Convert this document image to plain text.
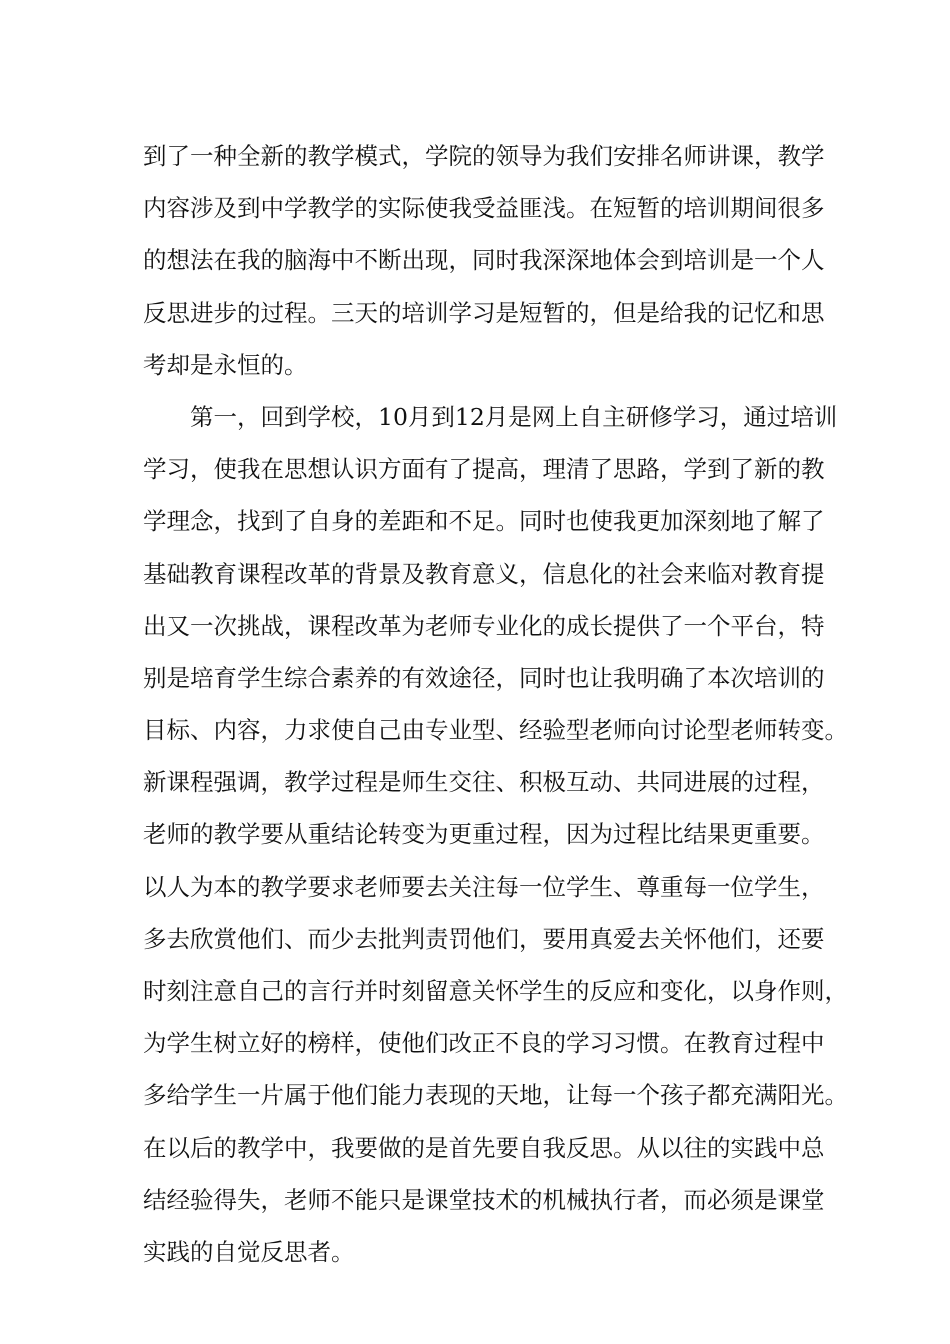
到了一种全新的教学模式，学院的领导为我们安排名师讲课，教学
内容涉及到中学教学的实际使我受益匪浅。在短暂的培训期间很多
的想法在我的脑海中不断出现，同时我深深地体会到培训是一个人
反思进步的过程。三天的培训学习是短暂的，但是给我的记忆和思
考却是永恒的。
第一，回到学校，10月到12月是网上自主研修学习，通过培训
学习，使我在思想认识方面有了提高，理清了思路，学到了新的教
学理念，找到了自身的差距和不足。同时也使我更加深刻地了解了
基础教育课程改革的背景及教育意义，信息化的社会来临对教育提
出又一次挑战，课程改革为老师专业化的成长提供了一个平台，特
别是培育学生综合素养的有效途径，同时也让我明确了本次培训的
目标、内容，力求使自己由专业型、经验型老师向讨论型老师转变。
新课程强调，教学过程是师生交往、积极互动、共同进展的过程，
老师的教学要从重结论转变为更重过程，因为过程比结果更重要。
以人为本的教学要求老师要去关注每一位学生、尊重每一位学生，
多去欣赏他们、而少去批判责罚他们，要用真爱去关怀他们，还要
时刻注意自己的言行并时刻留意关怀学生的反应和变化，以身作则，
为学生树立好的榜样，使他们改正不良的学习习惯。在教育过程中
多给学生一片属于他们能力表现的天地，让每一个孩子都充满阳光。
在以后的教学中，我要做的是首先要自我反思。从以往的实践中总
结经验得失，老师不能只是课堂技术的机械执行者，而必须是课堂
实践的自觉反思者。
